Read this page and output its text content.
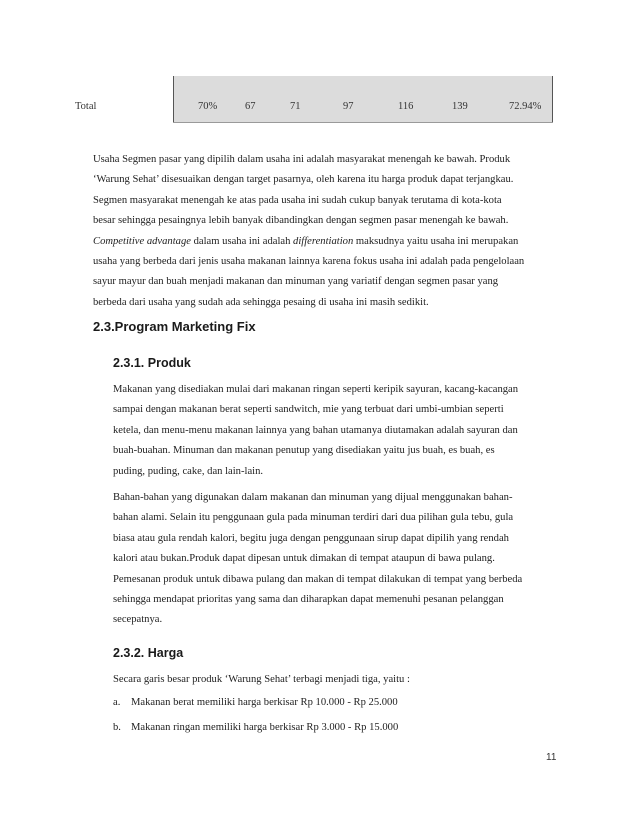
Total	70%	67	71	97	116	139	72.94%
Usaha Segmen pasar yang dipilih dalam usaha ini adalah masyarakat menengah ke bawah. Produk
‘Warung Sehat’ disesuaikan dengan target pasarnya, oleh karena itu harga produk dapat terjangkau.
Segmen masyarakat menengah ke atas pada usaha ini sudah cukup banyak terutama di kota-kota
besar sehingga pesaingnya lebih banyak dibandingkan dengan segmen pasar menengah ke bawah.
Competitive advantage dalam usaha ini adalah differentiation maksudnya yaitu usaha ini merupakan
usaha yang berbeda dari jenis usaha makanan lainnya karena fokus usaha ini adalah pada pengelolaan
sayur mayur dan buah menjadi makanan dan minuman yang variatif dengan segmen pasar yang
berbeda dari usaha yang sudah ada sehingga pesaing di usaha ini masih sedikit.
2.3.Program Marketing Fix
2.3.1. Produk
Makanan yang disediakan mulai dari makanan ringan seperti keripik sayuran, kacang-kacangan
sampai dengan makanan berat seperti sandwitch, mie yang terbuat dari umbi-umbian seperti
ketela, dan menu-menu makanan lainnya yang bahan utamanya diutamakan adalah sayuran dan
buah-buahan. Minuman dan makanan penutup yang disediakan yaitu jus buah, es buah, es
puding, puding, cake, dan lain-lain.
Bahan-bahan yang digunakan dalam makanan dan minuman yang dijual menggunakan bahan-
bahan alami. Selain itu penggunaan gula pada minuman terdiri dari dua pilihan gula tebu, gula
biasa atau gula rendah kalori, begitu juga dengan penggunaan sirup dapat dipilih yang rendah
kalori atau bukan.Produk dapat dipesan untuk dimakan di tempat ataupun di bawa pulang.
Pemesanan produk untuk dibawa pulang dan makan di tempat dilakukan di tempat yang berbeda
sehingga mendapat prioritas yang sama dan diharapkan dapat memenuhi pesanan pelanggan
secepatnya.
2.3.2. Harga
Secara garis besar produk ‘Warung Sehat’ terbagi menjadi tiga, yaitu :
a. Makanan berat memiliki harga berkisar Rp 10.000 - Rp 25.000
b. Makanan ringan memiliki harga berkisar Rp 3.000 - Rp 15.000
11
